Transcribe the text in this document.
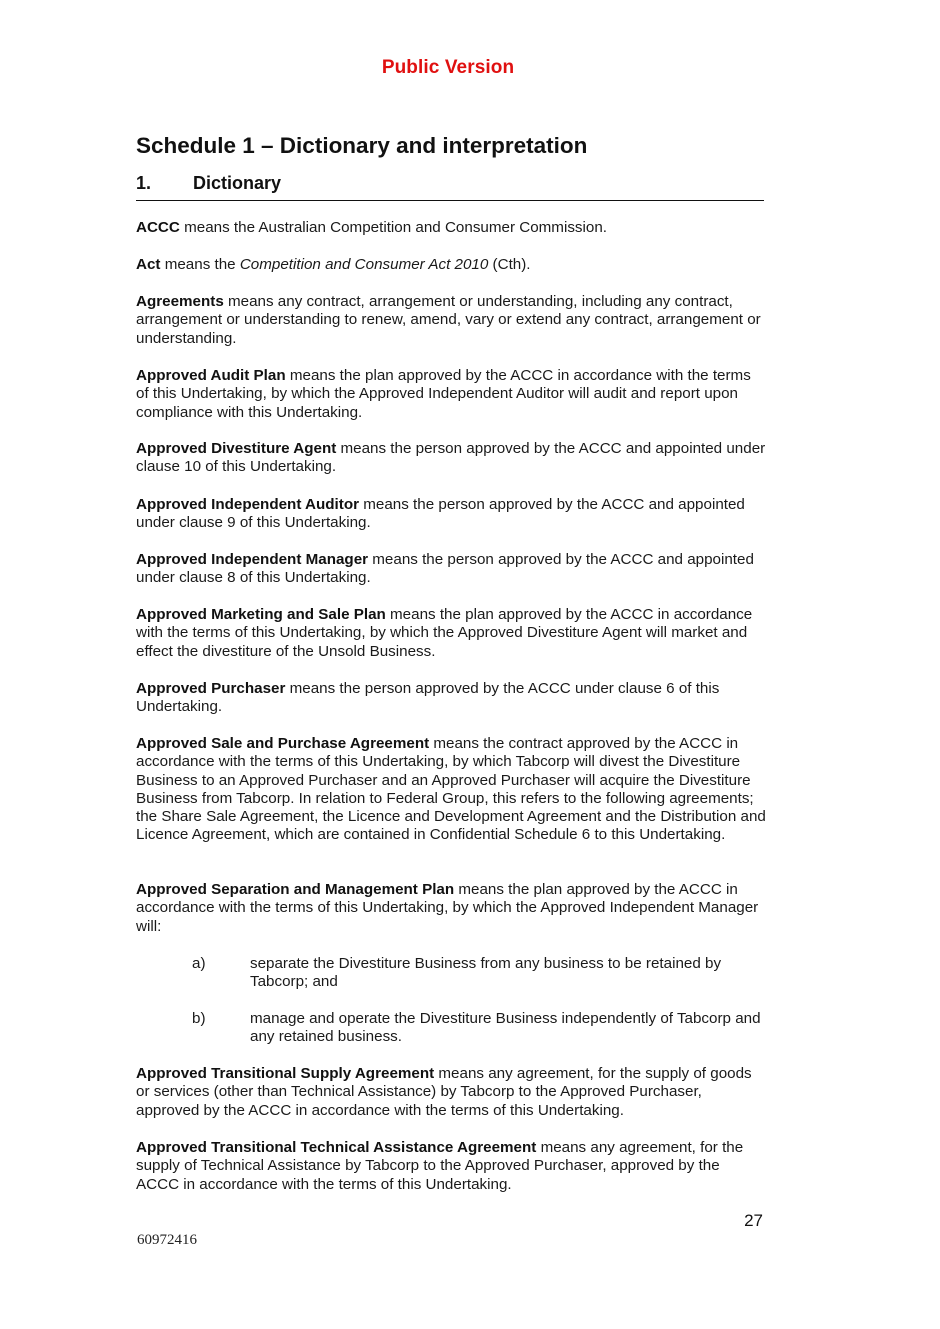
Public Version
Schedule 1 – Dictionary and interpretation
1. Dictionary
ACCC means the Australian Competition and Consumer Commission.
Act means the Competition and Consumer Act 2010 (Cth).
Agreements means any contract, arrangement or understanding, including any contract, arrangement or understanding to renew, amend, vary or extend any contract, arrangement or understanding.
Approved Audit Plan means the plan approved by the ACCC in accordance with the terms of this Undertaking, by which the Approved Independent Auditor will audit and report upon compliance with this Undertaking.
Approved Divestiture Agent means the person approved by the ACCC and appointed under clause 10 of this Undertaking.
Approved Independent Auditor means the person approved by the ACCC and appointed under clause 9 of this Undertaking.
Approved Independent Manager means the person approved by the ACCC and appointed under clause 8 of this Undertaking.
Approved Marketing and Sale Plan means the plan approved by the ACCC in accordance with the terms of this Undertaking, by which the Approved Divestiture Agent will market and effect the divestiture of the Unsold Business.
Approved Purchaser means the person approved by the ACCC under clause 6 of this Undertaking.
Approved Sale and Purchase Agreement means the contract approved by the ACCC in accordance with the terms of this Undertaking, by which Tabcorp will divest the Divestiture Business to an Approved Purchaser and an Approved Purchaser will acquire the Divestiture Business from Tabcorp. In relation to Federal Group, this refers to the following agreements; the Share Sale Agreement, the Licence and Development Agreement and the Distribution and Licence Agreement, which are contained in Confidential Schedule 6 to this Undertaking.
Approved Separation and Management Plan means the plan approved by the ACCC in accordance with the terms of this Undertaking, by which the Approved Independent Manager will:
a)	separate the Divestiture Business from any business to be retained by Tabcorp; and
b)	manage and operate the Divestiture Business independently of Tabcorp and any retained business.
Approved Transitional Supply Agreement means any agreement, for the supply of goods or services (other than Technical Assistance) by Tabcorp to the Approved Purchaser, approved by the ACCC in accordance with the terms of this Undertaking.
Approved Transitional Technical Assistance Agreement means any agreement, for the supply of Technical Assistance by Tabcorp to the Approved Purchaser, approved by the ACCC in accordance with the terms of this Undertaking.
27
60972416
